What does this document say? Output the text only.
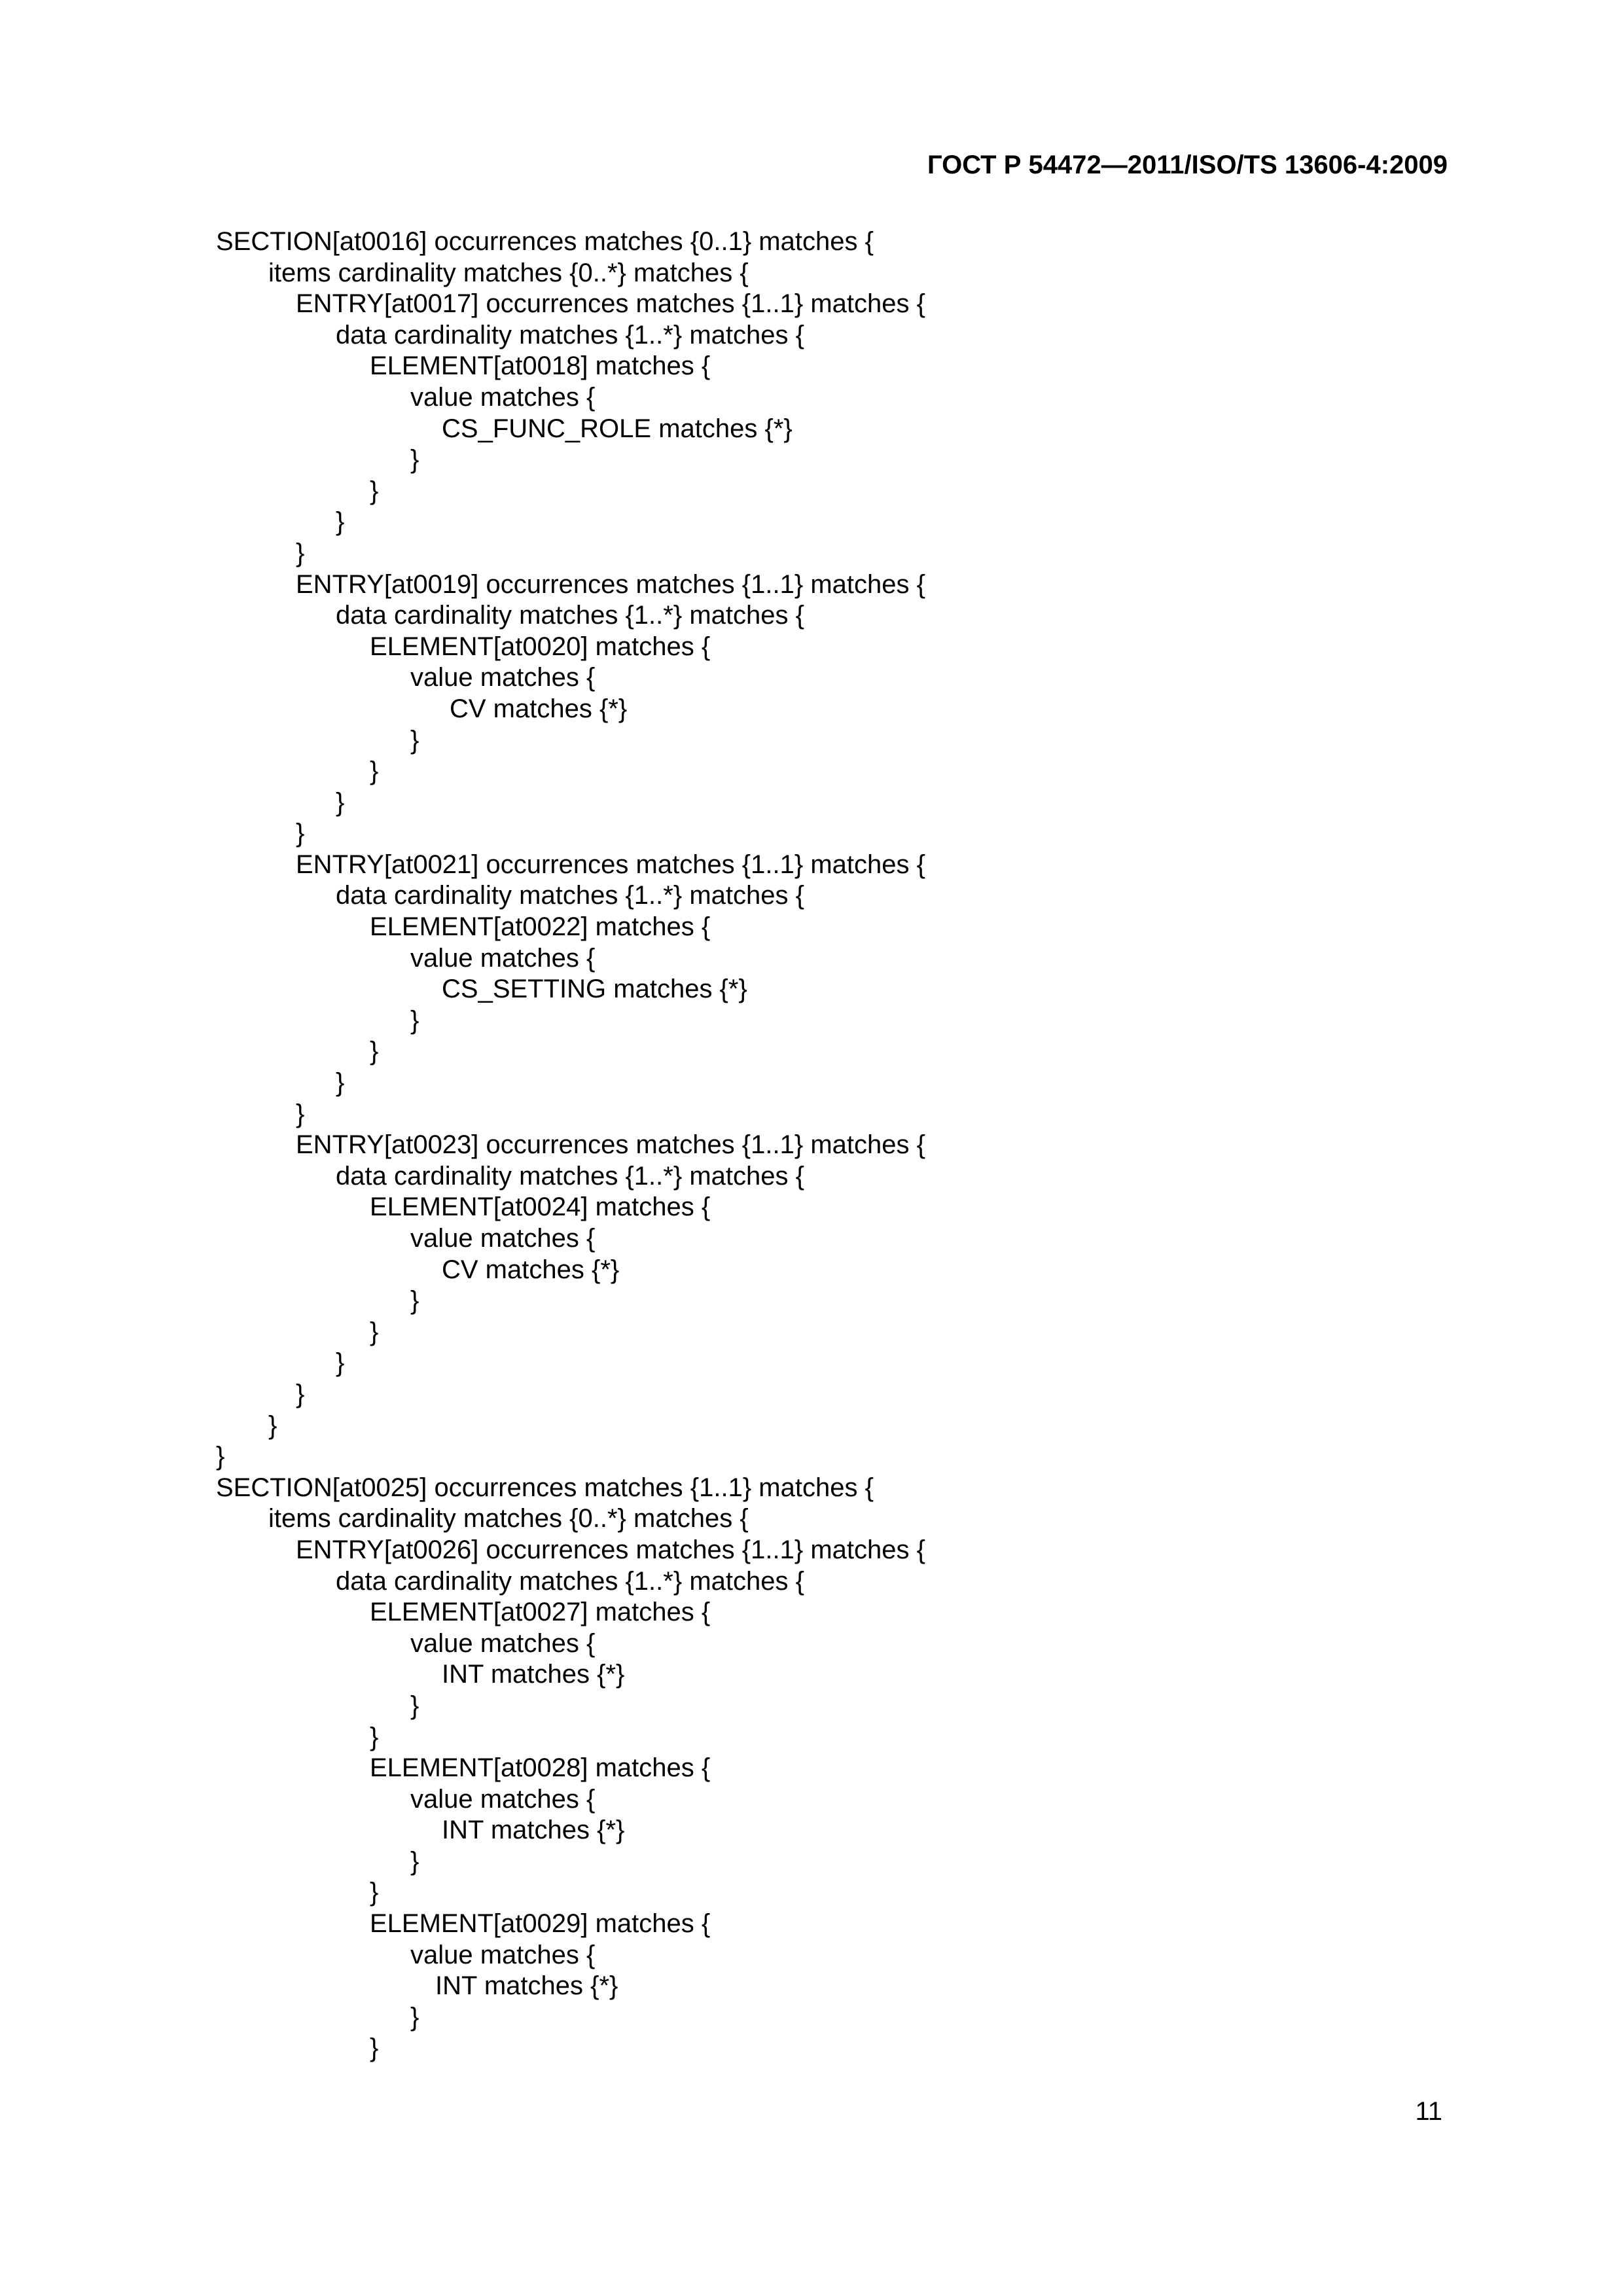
ГОСТ Р 54472—2011/ISO/TS 13606-4:2009
SECTION[at0016] occurrences matches {0..1} matches {
items cardinality matches {0..*} matches {
ENTRY[at0017] occurrences matches {1..1} matches {
data cardinality matches {1..*} matches {
ELEMENT[at0018] matches {
value matches {
CS_FUNC_ROLE matches {*}
}
}
}
}
ENTRY[at0019] occurrences matches {1..1} matches {
data cardinality matches {1..*} matches {
ELEMENT[at0020] matches {
value matches {
CV matches {*}
}
}
}
}
ENTRY[at0021] occurrences matches {1..1} matches {
data cardinality matches {1..*} matches {
ELEMENT[at0022] matches {
value matches {
CS_SETTING matches {*}
}
}
}
}
ENTRY[at0023] occurrences matches {1..1} matches {
data cardinality matches {1..*} matches {
ELEMENT[at0024] matches {
value matches {
CV matches {*}
}
}
}
}
}
}
SECTION[at0025] occurrences matches {1..1} matches {
items cardinality matches {0..*} matches {
ENTRY[at0026] occurrences matches {1..1} matches {
data cardinality matches {1..*} matches {
ELEMENT[at0027] matches {
value matches {
INT matches {*}
}
}
ELEMENT[at0028] matches {
value matches {
INT matches {*}
}
}
ELEMENT[at0029] matches {
value matches {
INT matches {*}
}
}
11
